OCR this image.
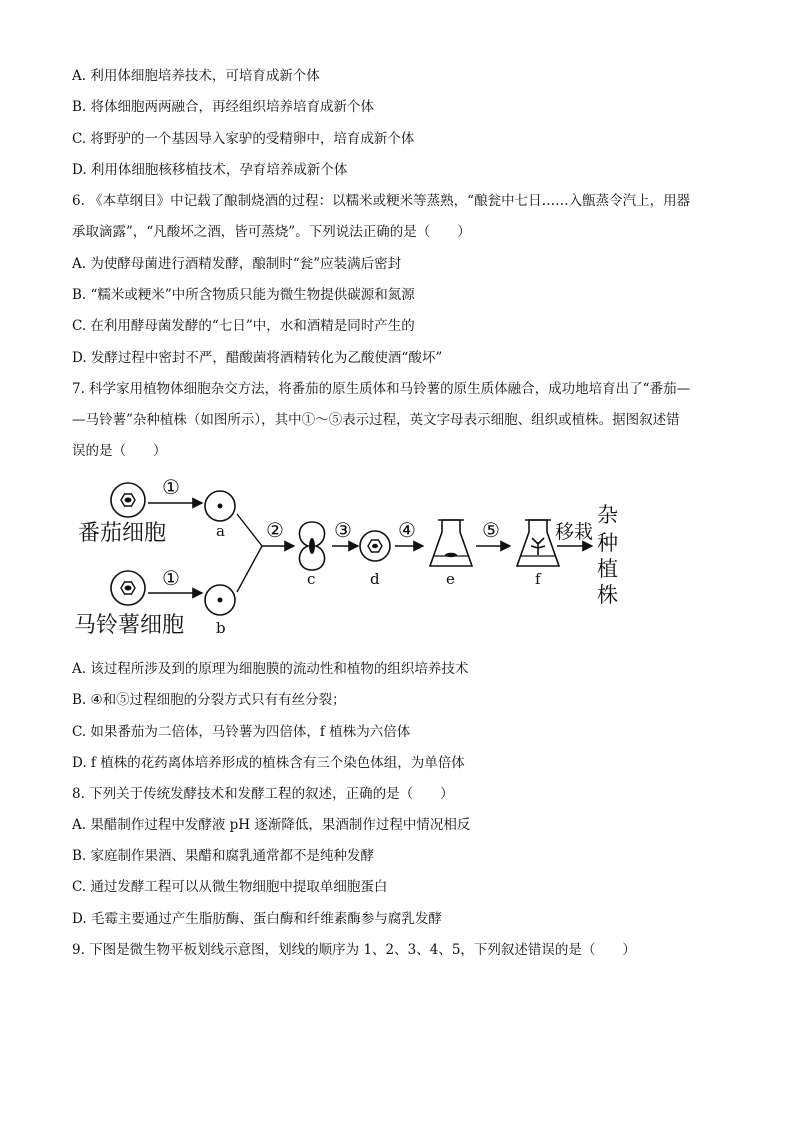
A. 利用体细胞培养技术，可培育成新个体
B. 将体细胞两两融合，再经组织培养培育成新个体
C. 将野驴的一个基因导入家驴的受精卵中，培育成新个体
D. 利用体细胞核移植技术，孕育培养成新个体
6. 《本草纲目》中记载了酿制烧酒的过程：以糯米或粳米等蒸熟，“酿瓮中七日……入甑蒸令汽上，用器
承取滴露”，“凡酸坏之酒，皆可蒸烧”。下列说法正确的是（　　）
A. 为使酵母菌进行酒精发酵，酿制时“瓮”应装满后密封
B. “糯米或粳米”中所含物质只能为微生物提供碳源和氮源
C. 在利用酵母菌发酵的“七日”中，水和酒精是同时产生的
D. 发酵过程中密封不严，醋酸菌将酒精转化为乙酸使酒“酸坏”
7. 科学家用植物体细胞杂交方法，将番茄的原生质体和马铃薯的原生质体融合，成功地培育出了“番茄—
—马铃薯”杂种植株（如图所示），其中①～⑤表示过程，英文字母表示细胞、组织或植株。据图叙述错
误的是（　　）
番茄细胞
①
a
马铃薯细胞
①
b
②
c
③
d
④
e
⑤
f
移栽
杂
种
植
株
A. 该过程所涉及到的原理为细胞膜的流动性和植物的组织培养技术
B. ④和⑤过程细胞的分裂方式只有有丝分裂；
C. 如果番茄为二倍体，马铃薯为四倍体，f 植株为六倍体
D. f 植株的花药离体培养形成的植株含有三个染色体组，为单倍体
8. 下列关于传统发酵技术和发酵工程的叙述，正确的是（　　）
A. 果醋制作过程中发酵液 pH 逐渐降低，果酒制作过程中情况相反
B. 家庭制作果酒、果醋和腐乳通常都不是纯种发酵
C. 通过发酵工程可以从微生物细胞中提取单细胞蛋白
D. 毛霉主要通过产生脂肪酶、蛋白酶和纤维素酶参与腐乳发酵
9. 下图是微生物平板划线示意图，划线的顺序为 1、2、3、4、5，下列叙述错误的是（　　）
